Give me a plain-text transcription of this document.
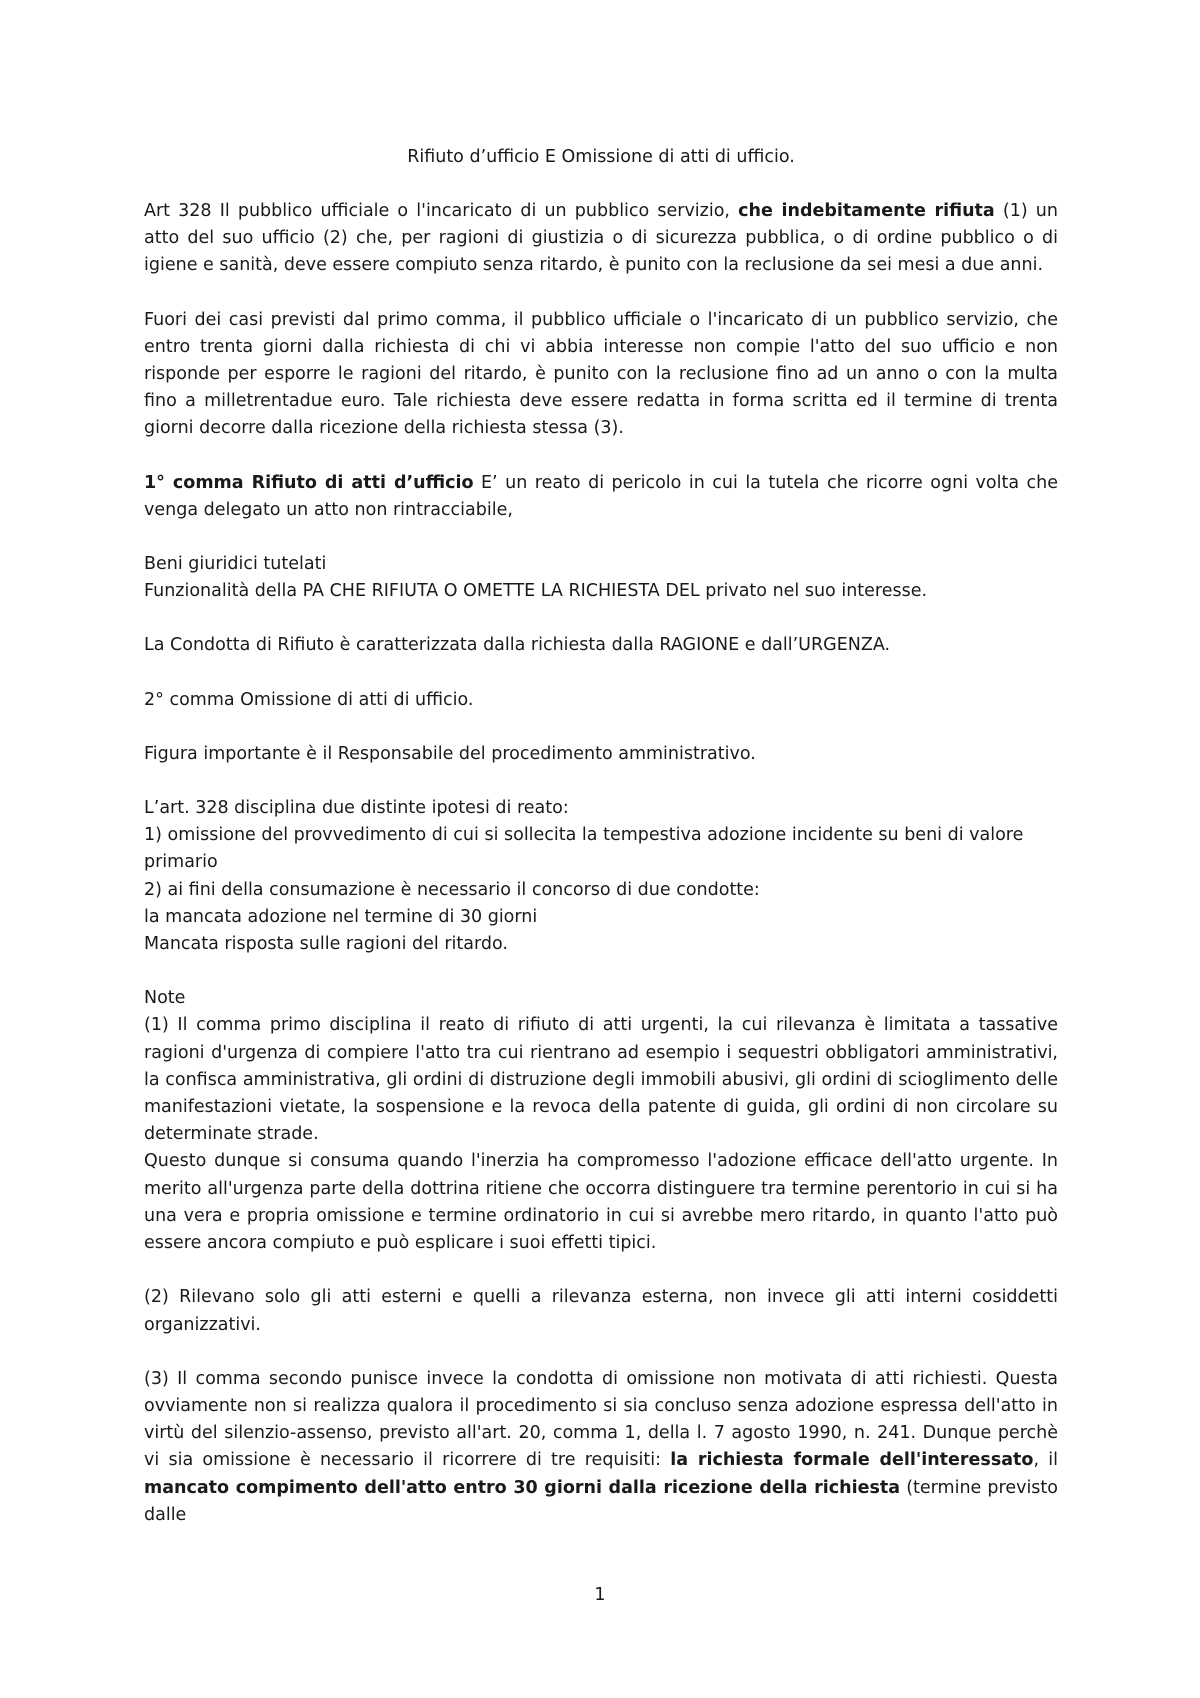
Rifiuto d’ufficio E Omissione di atti di ufficio.

Art 328 Il pubblico ufficiale o l'incaricato di un pubblico servizio, che indebitamente rifiuta (1) un atto del suo ufficio (2) che, per ragioni di giustizia o di sicurezza pubblica, o di ordine pubblico o di igiene e sanità, deve essere compiuto senza ritardo, è punito con la reclusione da sei mesi a due anni.

Fuori dei casi previsti dal primo comma, il pubblico ufficiale o l'incaricato di un pubblico servizio, che entro trenta giorni dalla richiesta di chi vi abbia interesse non compie l'atto del suo ufficio e non risponde per esporre le ragioni del ritardo, è punito con la reclusione fino ad un anno o con la multa fino a milletrentadue euro. Tale richiesta deve essere redatta in forma scritta ed il termine di trenta giorni decorre dalla ricezione della richiesta stessa (3).

1° comma Rifiuto di atti d’ufficio E’ un reato di pericolo in cui la tutela che ricorre ogni volta che venga delegato un atto non rintracciabile,

Beni giuridici tutelati

Funzionalità della PA CHE RIFIUTA O OMETTE LA RICHIESTA DEL privato nel suo interesse.

La Condotta di Rifiuto è caratterizzata dalla richiesta dalla RAGIONE e dall’URGENZA.

2° comma Omissione di atti di ufficio.

Figura importante è il Responsabile del procedimento amministrativo.

L’art. 328 disciplina due distinte ipotesi di reato:

1) omissione del provvedimento di cui si sollecita la tempestiva adozione incidente su beni di valore primario

2) ai fini della consumazione è necessario il concorso di due condotte:

la mancata adozione nel termine di 30 giorni

Mancata risposta sulle ragioni del ritardo.

Note

(1) Il comma primo disciplina il reato di rifiuto di atti urgenti, la cui rilevanza è limitata a tassative ragioni d'urgenza di compiere l'atto tra cui rientrano ad esempio i sequestri obbligatori amministrativi, la confisca amministrativa, gli ordini di distruzione degli immobili abusivi, gli ordini di scioglimento delle manifestazioni vietate, la sospensione e la revoca della patente di guida, gli ordini di non circolare su determinate strade.

Questo dunque si consuma quando l'inerzia ha compromesso l'adozione efficace dell'atto urgente. In merito all'urgenza parte della dottrina ritiene che occorra distinguere tra termine perentorio in cui si ha una vera e propria omissione e termine ordinatorio in cui si avrebbe mero ritardo, in quanto l'atto può essere ancora compiuto e può esplicare i suoi effetti tipici.

(2) Rilevano solo gli atti esterni e quelli a rilevanza esterna, non invece gli atti interni cosiddetti organizzativi.

(3) Il comma secondo punisce invece la condotta di omissione non motivata di atti richiesti. Questa ovviamente non si realizza qualora il procedimento si sia concluso senza adozione espressa dell'atto in virtù del silenzio-assenso, previsto all'art. 20, comma 1, della l. 7 agosto 1990, n. 241. Dunque perchè vi sia omissione è necessario il ricorrere di tre requisiti: la richiesta formale dell'interessato, il mancato compimento dell'atto entro 30 giorni dalla ricezione della richiesta (termine previsto dalle

1
